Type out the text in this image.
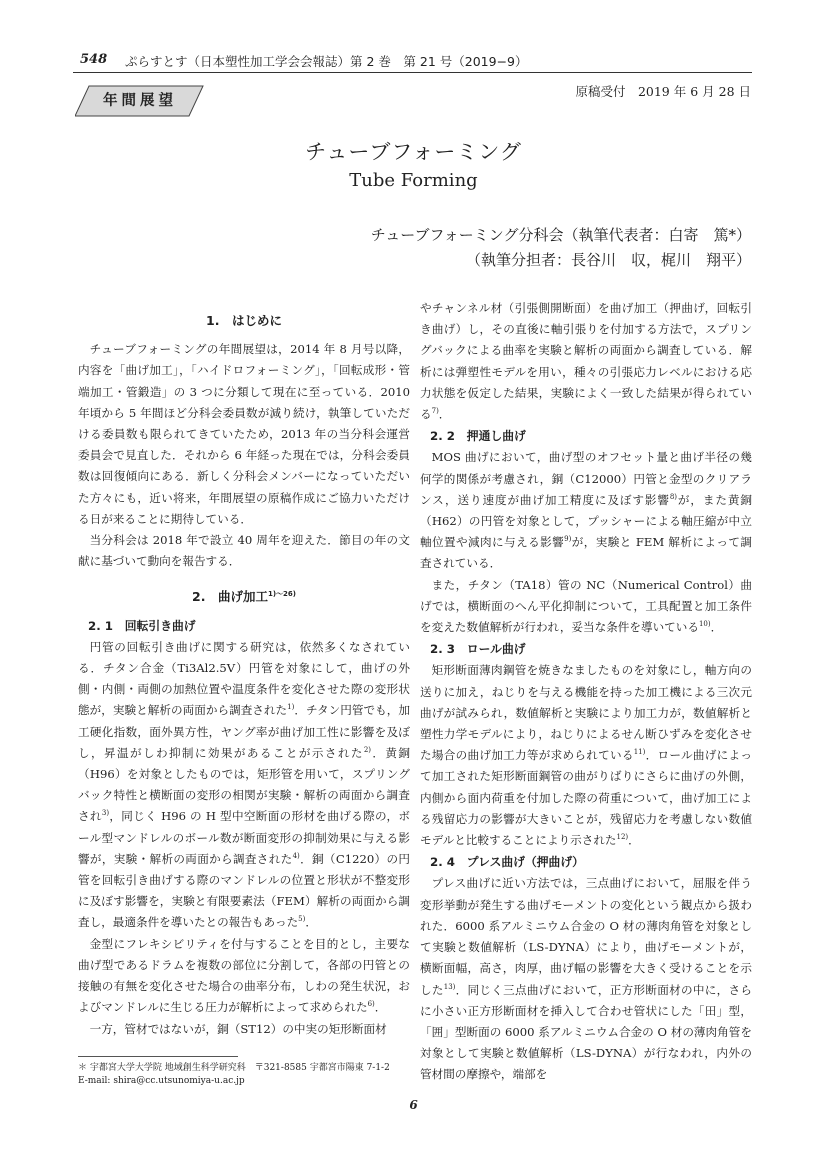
548 ぷらすとす（日本塑性加工学会会報誌）第 2 巻　第 21 号（2019−9）
年間展望
原稿受付　2019 年 6 月 28 日
チューブフォーミング
Tube Forming
チューブフォーミング分科会（執筆代表者：白寄　篤*）
（執筆分担者：長谷川　収，梶川　翔平）
1.　はじめに

チューブフォーミングの年間展望は，2014 年 8 月号以降，内容を「曲げ加工」，「ハイドロフォーミング」，「回転成形・管端加工・管鍛造」の 3 つに分類して現在に至っている．2010 年頃から 5 年間ほど分科会委員数が減り続け，執筆していただける委員数も限られてきていたため，2013 年の当分科会運営委員会で見直した．それから 6 年経った現在では，分科会委員数は回復傾向にある．新しく分科会メンバーになっていただいた方々にも，近い将来，年間展望の原稿作成にご協力いただける日が来ることに期待している．

当分科会は 2018 年で設立 40 周年を迎えた．節目の年の文献に基づいて動向を報告する．

2.　曲げ加工$^{1)\sim 26)}$
2. 1　回転引き曲げ

円管の回転引き曲げに関する研究は，依然多くなされている．チタン合金（Ti3Al2.5V）円管を対象にして，曲げの外側・内側・両側の加熱位置や温度条件を変化させた際の変形状態が，実験と解析の両面から調査された$^{1)}$．チタン円管でも，加工硬化指数，面外異方性，ヤング率が曲げ加工性に影響を及ぼし，昇温がしわ抑制に効果があることが示された$^{2)}$．黄銅（H96）を対象としたものでは，矩形管を用いて，スプリングバック特性と横断面の変形の相関が実験・解析の両面から調査され$^{3)}$，同じく H96 の H 型中空断面の形材を曲げる際の，ボール型マンドレルのボール数が断面変形の抑制効果に与える影響が，実験・解析の両面から調査された$^{4)}$．銅（C1220）の円管を回転引き曲げする際のマンドレルの位置と形状が不整変形に及ぼす影響を，実験と有限要素法（FEM）解析の両面から調査し，最適条件を導いたとの報告もあった$^{5)}$．

金型にフレキシビリティを付与することを目的とし，主要な曲げ型であるドラムを複数の部位に分割して，各部の円管との接触の有無を変化させた場合の曲率分布，しわの発生状況，およびマンドレルに生じる圧力が解析によって求められた$^{6)}$．

一方，管材ではないが，銅（ST12）の中実の矩形断面材

やチャンネル材（引張側開断面）を曲げ加工（押曲げ，回転引き曲げ）し，その直後に軸引張りを付加する方法で，スプリングバックによる曲率を実験と解析の両面から調査している．解析には弾塑性モデルを用い，種々の引張応力レベルにおける応力状態を仮定した結果，実験によく一致した結果が得られている$^{7)}$．

2. 2　押通し曲げ

MOS 曲げにおいて，曲げ型のオフセット量と曲げ半径の幾何学的関係が考慮され，銅（C12000）円管と金型のクリアランス，送り速度が曲げ加工精度に及ぼす影響$^{8)}$が，また黄銅（H62）の円管を対象として，プッシャーによる軸圧縮が中立軸位置や減肉に与える影響$^{9)}$が，実験と FEM 解析によって調査されている．

また，チタン（TA18）管の NC（Numerical Control）曲げでは，横断面のへん平化抑制について，工具配置と加工条件を変えた数値解析が行われ，妥当な条件を導いている$^{10)}$．

2. 3　ロール曲げ

矩形断面薄肉鋼管を焼きなましたものを対象にし，軸方向の送りに加え，ねじりを与える機能を持った加工機による三次元曲げが試みられ，数値解析と実験により加工力が，数値解析と塑性力学モデルにより，ねじりによるせん断ひずみを変化させた場合の曲げ加工力等が求められている$^{11)}$．ロール曲げによって加工された矩形断面鋼管の曲がりばりにさらに曲げの外側，内側から面内荷重を付加した際の荷重について，曲げ加工による残留応力の影響が大きいことが，残留応力を考慮しない数値モデルと比較することにより示された$^{12)}$．

2. 4　プレス曲げ（押曲げ）

プレス曲げに近い方法では，三点曲げにおいて，屈服を伴う変形挙動が発生する曲げモーメントの変化という観点から扱われた．6000 系アルミニウム合金の O 材の薄肉角管を対象として実験と数値解析（LS-DYNA）により，曲げモーメントが，横断面幅，高さ，肉厚，曲げ幅の影響を大きく受けることを示した$^{13)}$．同じく三点曲げにおいて，正方形断面材の中に，さらに小さい正方形断面材を挿入して合わせ管状にした「田」型，「囲」型断面の 6000 系アルミニウム合金の O 材の薄肉角管を対象として実験と数値解析（LS-DYNA）が行なわれ，内外の管材間の摩擦や，端部を

＊ 宇都宮大学大学院 地域創生科学研究科　〒321-8585 宇都宮市陽東 7-1-2
E-mail: shira@cc.utsunomiya-u.ac.jp
6
